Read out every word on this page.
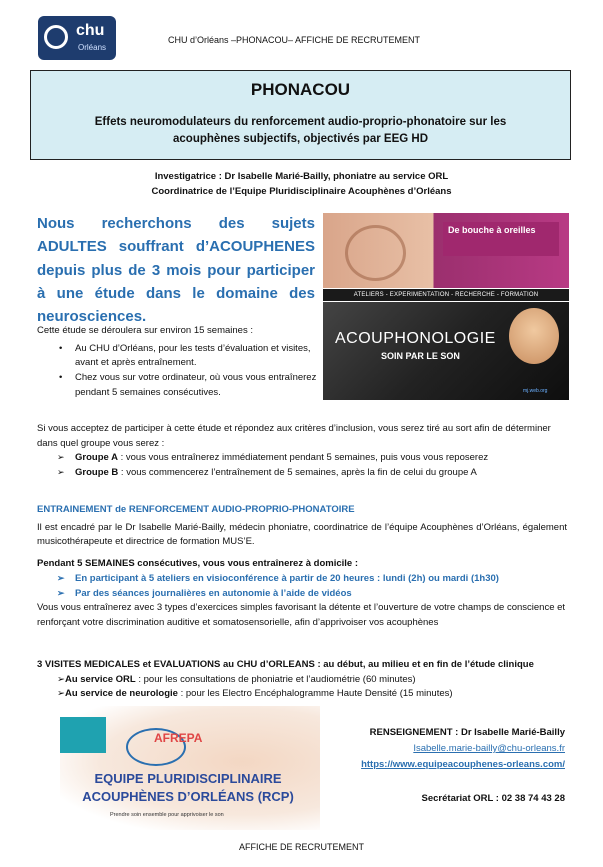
chu
Orléans
CHU d’Orléans –PHONACOU– AFFICHE DE RECRUTEMENT
PHONACOU
Effets neuromodulateurs du renforcement audio-proprio-phonatoire sur les acouphènes subjectifs, objectivés par EEG HD
Investigatrice : Dr Isabelle Marié-Bailly, phoniatre au service ORL
Coordinatrice de l’Equipe Pluridisciplinaire Acouphènes d’Orléans
Nous recherchons des sujets ADULTES souffrant d’ACOUPHENES depuis plus de 3 mois pour participer à une étude dans le domaine des neurosciences.
De bouche à oreilles
ATELIERS - EXPERIMENTATION - RECHERCHE - FORMATION
ACOUPHONOLOGIE
SOIN PAR LE SON
mj.web.org
Cette étude se déroulera sur environ 15 semaines :
• Au CHU d’Orléans, pour les tests d’évaluation et visites, avant et après entraînement.
• Chez vous sur votre ordinateur, où vous vous entraînerez pendant 5 semaines consécutives.
Si vous acceptez de participer à cette étude et répondez aux critères d’inclusion, vous serez tiré au sort afin de déterminer dans quel groupe vous serez :
➢ Groupe A : vous vous entraînerez immédiatement pendant 5 semaines, puis vous vous reposerez
➢ Groupe B : vous commencerez l’entraînement de 5 semaines, après la fin de celui du groupe A
ENTRAINEMENT de RENFORCEMENT AUDIO-PROPRIO-PHONATOIRE
Il est encadré par le Dr Isabelle Marié-Bailly, médecin phoniatre, coordinatrice de l’équipe Acouphènes d’Orléans, également musicothérapeute et directrice de formation MUS’E.
Pendant 5 SEMAINES consécutives, vous vous entraînerez à domicile :
➢ En participant à 5 ateliers en visioconférence à partir de 20 heures : lundi (2h) ou mardi (1h30)
➢ Par des séances journalières en autonomie à l’aide de vidéos
Vous vous entraînerez avec 3 types d’exercices simples favorisant la détente et l’ouverture de votre champs de conscience et renforçant votre discrimination auditive et somatosensorielle, afin d’apprivoiser vos acouphènes
3 VISITES MEDICALES et EVALUATIONS au CHU d’ORLEANS : au début, au milieu et en fin de l’étude clinique
➢Au service ORL : pour les consultations de phoniatrie et l’audiométrie (60 minutes)
➢Au service de neurologie : pour les Electro Encéphalogramme Haute Densité (15 minutes)
AFREPA
EQUIPE PLURIDISCIPLINAIRE ACOUPHÈNES D’ORLÉANS (RCP)
Prendre soin ensemble pour apprivoiser le son
RENSEIGNEMENT : Dr Isabelle Marié-Bailly
Isabelle.marie-bailly@chu-orleans.fr
https://www.equipeacouphenes-orleans.com/
Secrétariat ORL : 02 38 74 43 28
AFFICHE DE RECRUTEMENT
